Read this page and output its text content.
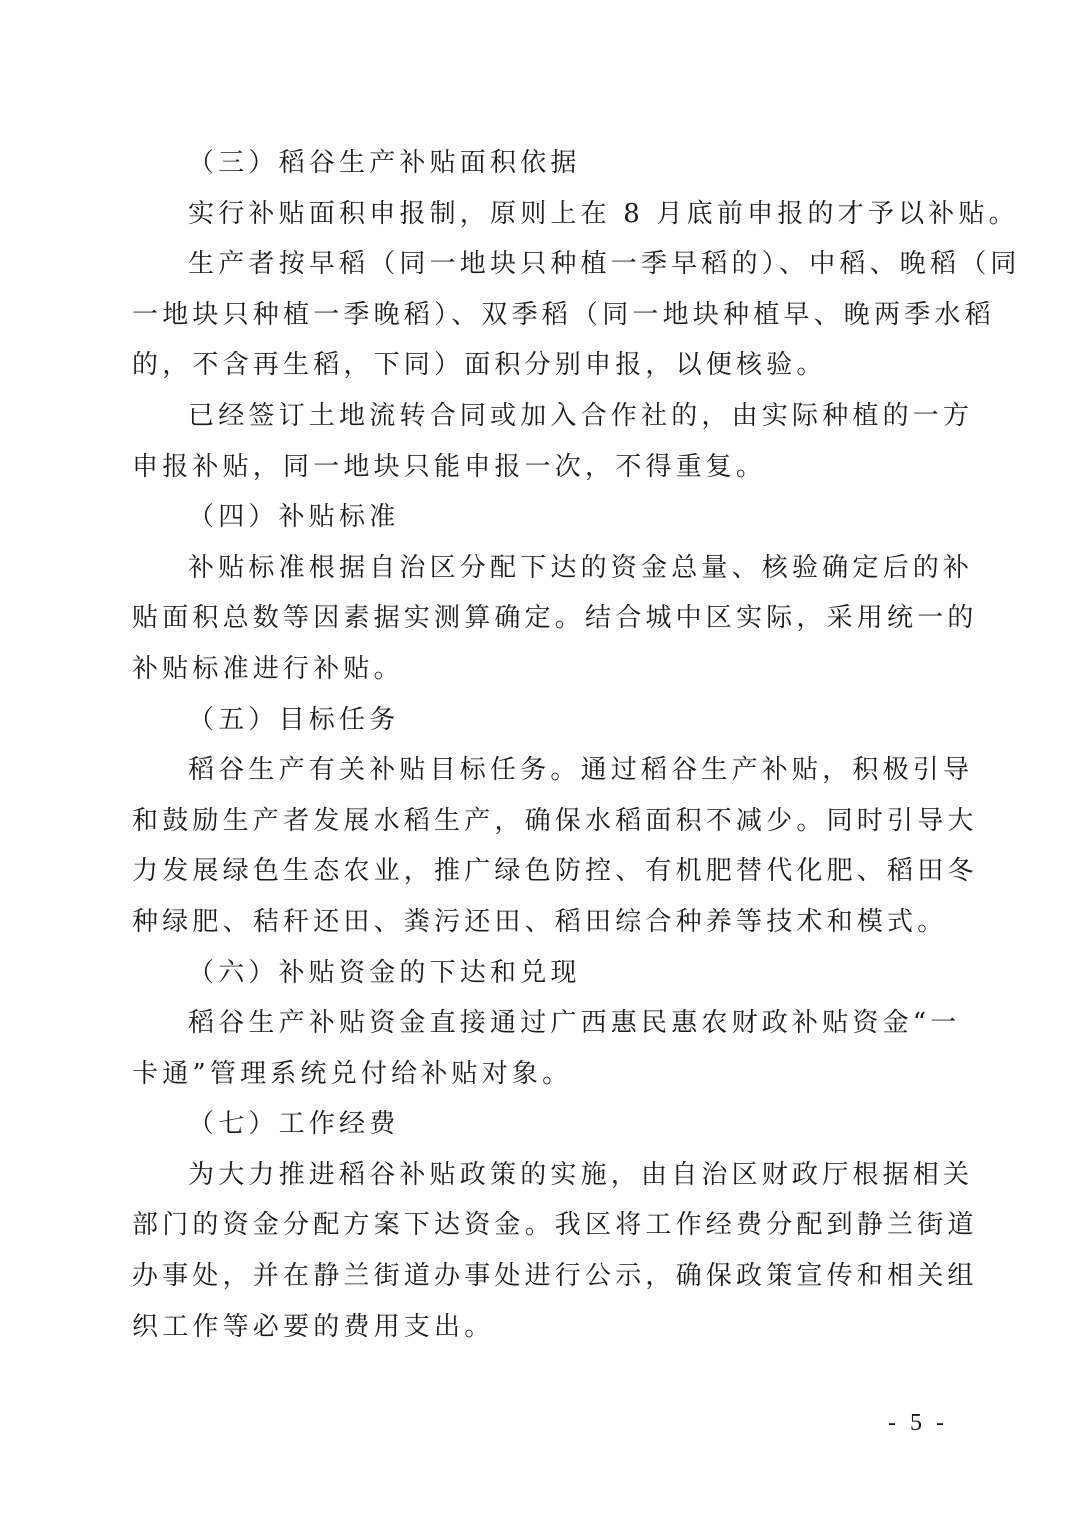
（三）稻谷生产补贴面积依据
实行补贴面积申报制，原则上在 8 月底前申报的才予以补贴。
生产者按早稻（同一地块只种植一季早稻的）、中稻、晚稻（同
一地块只种植一季晚稻）、双季稻（同一地块种植早、晚两季水稻
的，不含再生稻，下同）面积分别申报，以便核验。
已经签订土地流转合同或加入合作社的，由实际种植的一方
申报补贴，同一地块只能申报一次，不得重复。
（四）补贴标准
补贴标准根据自治区分配下达的资金总量、核验确定后的补
贴面积总数等因素据实测算确定。结合城中区实际，采用统一的
补贴标准进行补贴。
（五）目标任务
稻谷生产有关补贴目标任务。通过稻谷生产补贴，积极引导
和鼓励生产者发展水稻生产，确保水稻面积不减少。同时引导大
力发展绿色生态农业，推广绿色防控、有机肥替代化肥、稻田冬
种绿肥、秸秆还田、粪污还田、稻田综合种养等技术和模式。
（六）补贴资金的下达和兑现
稻谷生产补贴资金直接通过广西惠民惠农财政补贴资金“一
卡通”管理系统兑付给补贴对象。
（七）工作经费
为大力推进稻谷补贴政策的实施，由自治区财政厅根据相关
部门的资金分配方案下达资金。我区将工作经费分配到静兰街道
办事处，并在静兰街道办事处进行公示，确保政策宣传和相关组
织工作等必要的费用支出。
- 5 -
